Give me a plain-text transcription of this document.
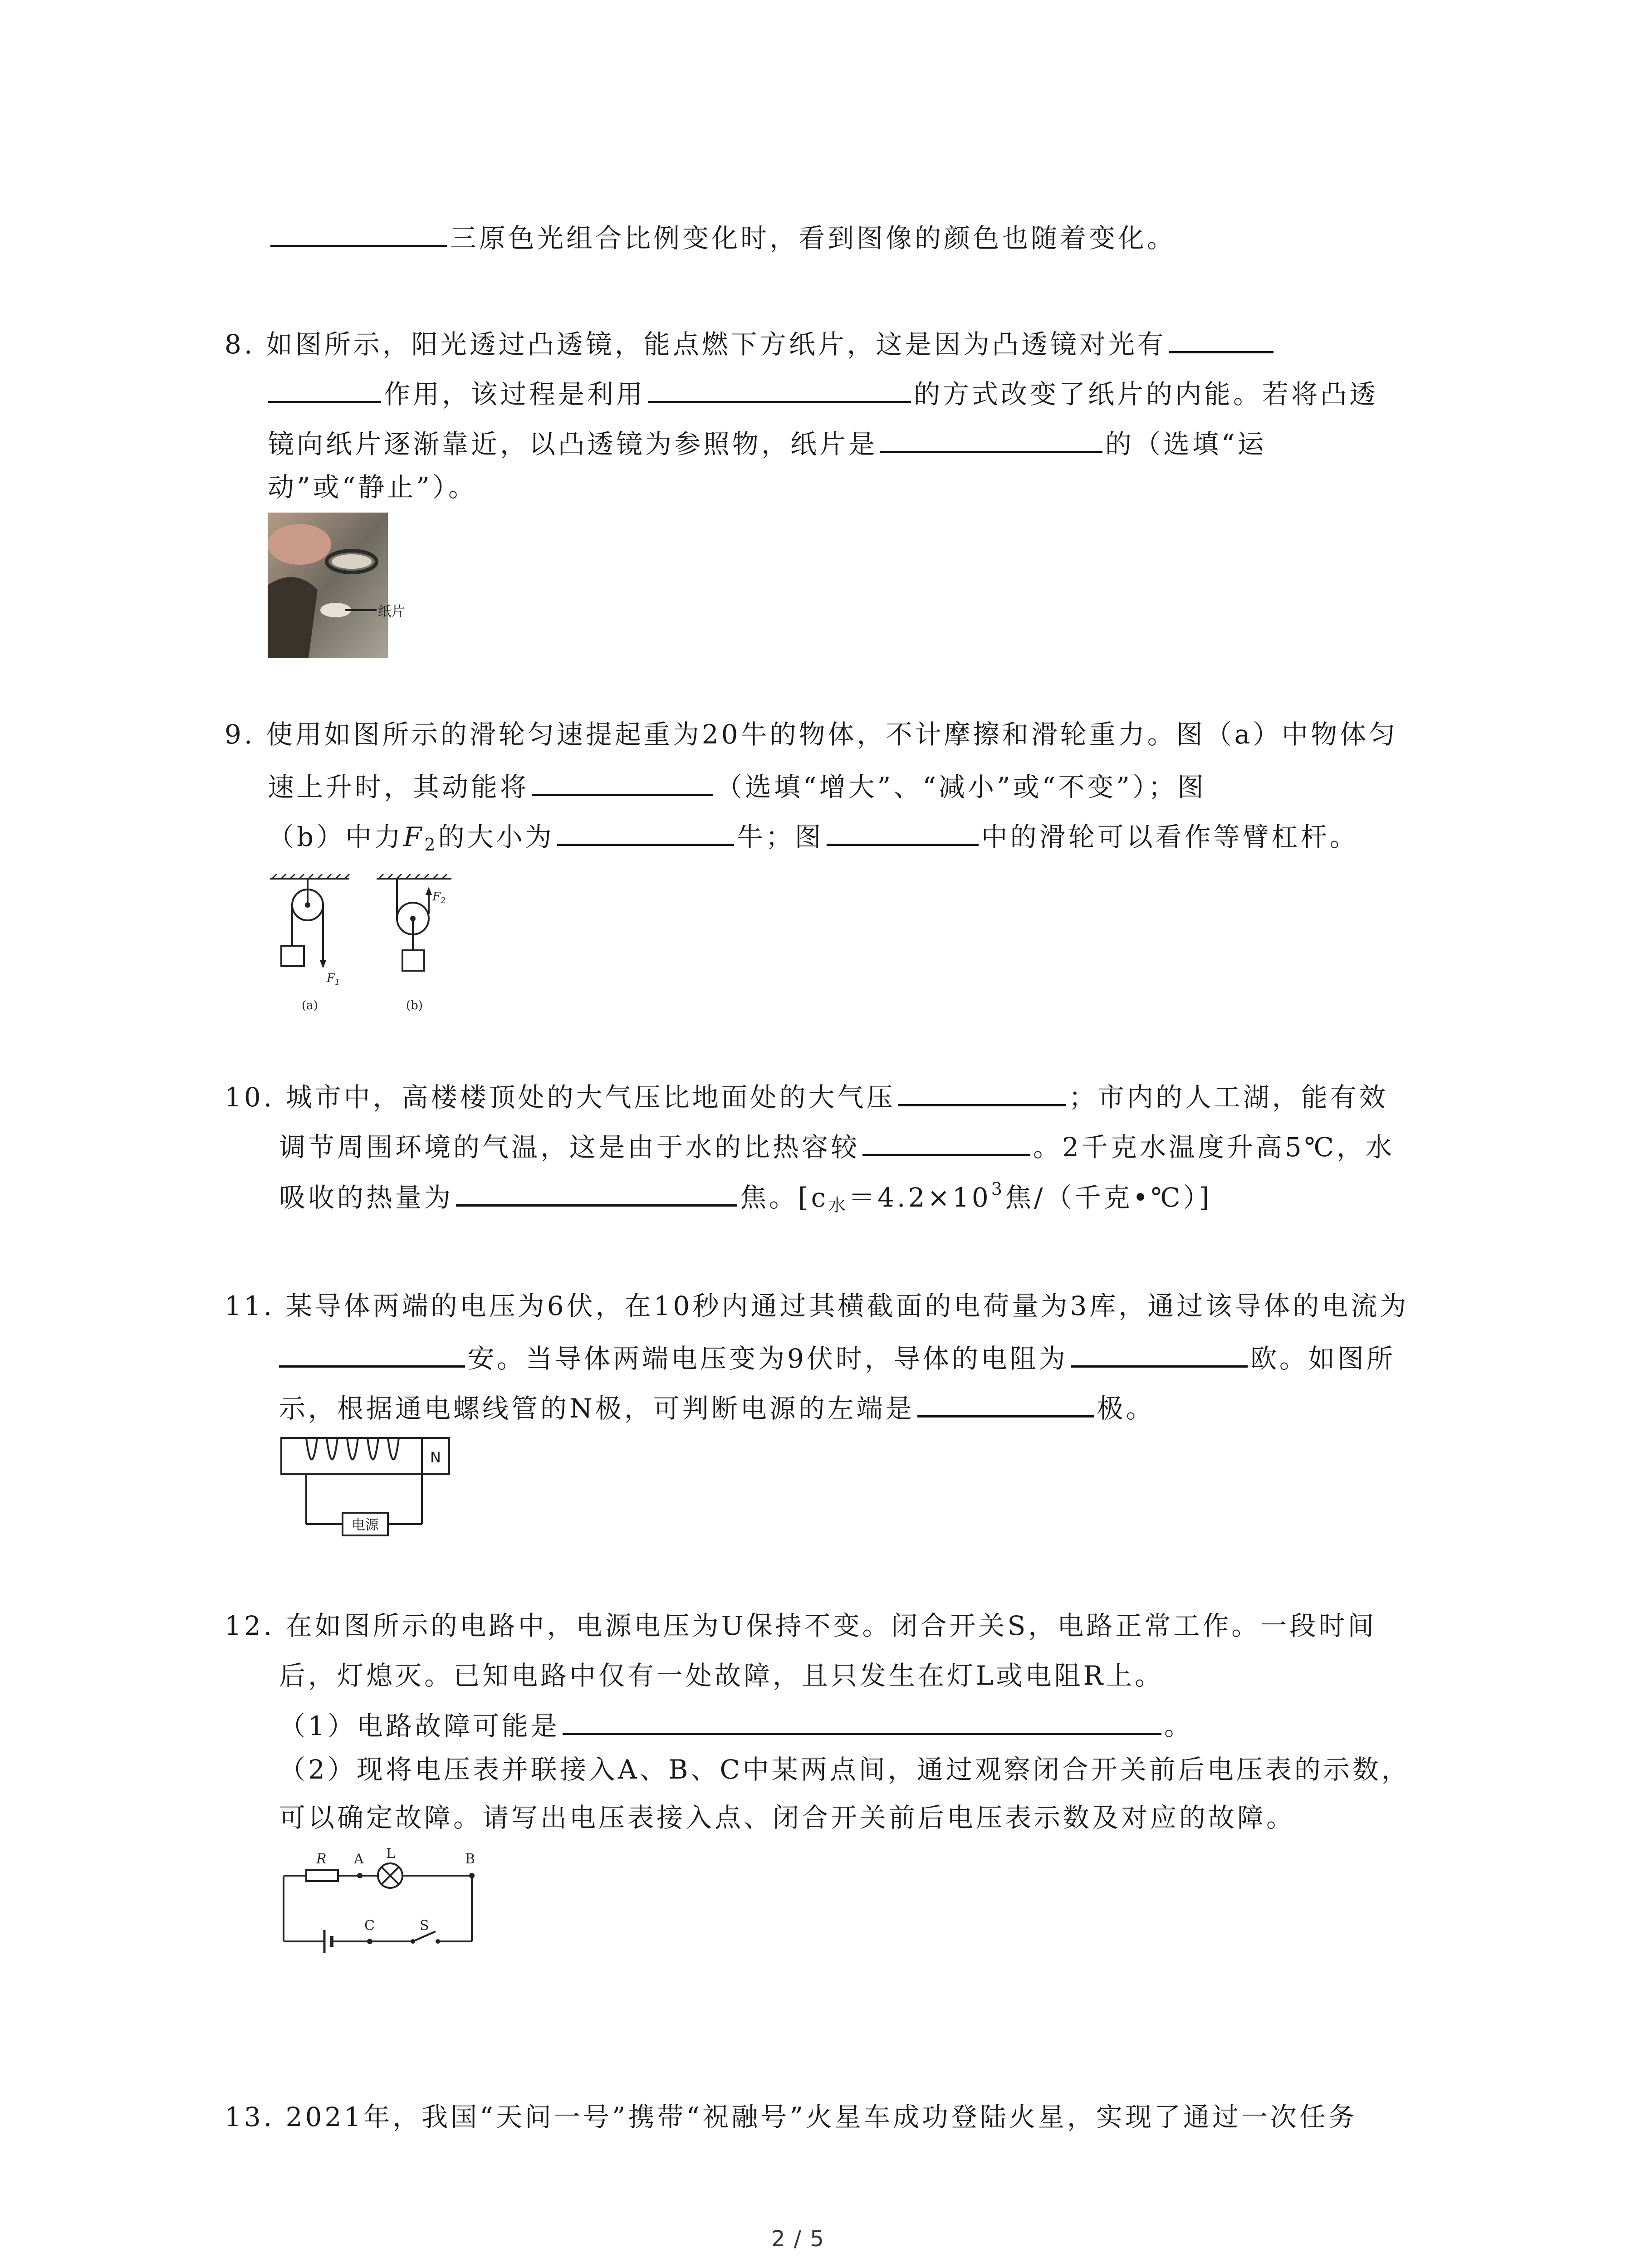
三原色光组合比例变化时，看到图像的颜色也随着变化。
8. 如图所示，阳光透过凸透镜，能点燃下方纸片，这是因为凸透镜对光有
作用，该过程是利用	的方式改变了纸片的内能。若将凸透
镜向纸片逐渐靠近，以凸透镜为参照物，纸片是	的（选填“运
动”或“静止”）。
纸片
9. 使用如图所示的滑轮匀速提起重为20牛的物体，不计摩擦和滑轮重力。图（a）中物体匀
速上升时，其动能将	（选填“增大”、“减小”或“不变”）；图
（b）中力F2的大小为	牛；图	中的滑轮可以看作等臂杠杆。
$F_1$
$F_2$
(a)	(b)
10. 城市中，高楼楼顶处的大气压比地面处的大气压	；市内的人工湖，能有效
调节周围环境的气温，这是由于水的比热容较	。2千克水温度升高5℃，水
吸收的热量为	焦。[c水$=4.2\times 10^3$焦/（千克•℃）]
11. 某导体两端的电压为6伏，在10秒内通过其横截面的电荷量为3库，通过该导体的电流为
安。当导体两端电压变为9伏时，导体的电阻为	欧。如图所
示，根据通电螺线管的N极，可判断电源的左端是	极。
N
电源
12. 在如图所示的电路中，电源电压为U保持不变。闭合开关S，电路正常工作。一段时间
后，灯熄灭。已知电路中仅有一处故障，且只发生在灯L或电阻R上。
（1）电路故障可能是	。
（2）现将电压表并联接入A、B、C中某两点间，通过观察闭合开关前后电压表的示数，
可以确定故障。请写出电压表接入点、闭合开关前后电压表示数及对应的故障。
R A L	B
C	S
13. 2021年，我国“天问一号”携带“祝融号”火星车成功登陆火星，实现了通过一次任务
2 / 5
